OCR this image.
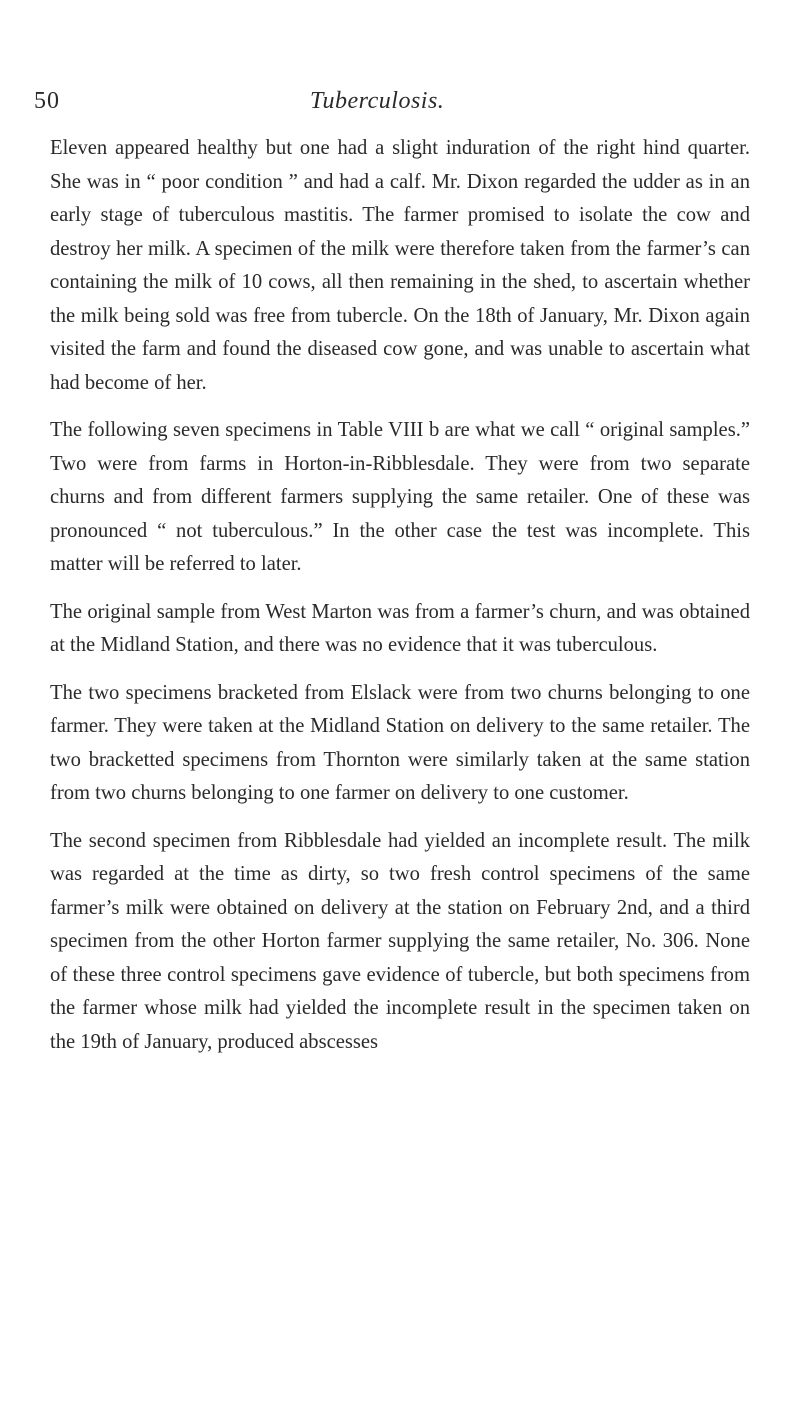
50	Tuberculosis.

Eleven appeared healthy but one had a slight induration of the right hind quarter. She was in “ poor condition ” and had a calf. Mr. Dixon regarded the udder as in an early stage of tuberculous mastitis. The farmer promised to isolate the cow and destroy her milk. A specimen of the milk were therefore taken from the farmer’s can containing the milk of 10 cows, all then remaining in the shed, to ascertain whether the milk being sold was free from tubercle. On the 18th of January, Mr. Dixon again visited the farm and found the diseased cow gone, and was unable to ascertain what had become of her.

The following seven specimens in Table VIII b are what we call “ original samples.” Two were from farms in Horton-in-Ribblesdale. They were from two separate churns and from different farmers supplying the same retailer. One of these was pronounced “ not tuberculous.” In the other case the test was incomplete. This matter will be referred to later.

The original sample from West Marton was from a farmer’s churn, and was obtained at the Midland Station, and there was no evidence that it was tuberculous.

The two specimens bracketed from Elslack were from two churns belonging to one farmer. They were taken at the Midland Station on delivery to the same retailer. The two bracketted specimens from Thornton were similarly taken at the same station from two churns belonging to one farmer on delivery to one customer.

The second specimen from Ribblesdale had yielded an incomplete result. The milk was regarded at the time as dirty, so two fresh control specimens of the same farmer’s milk were obtained on delivery at the station on February 2nd, and a third specimen from the other Horton farmer supplying the same retailer, No. 306. None of these three control specimens gave evidence of tubercle, but both specimens from the farmer whose milk had yielded the incomplete result in the specimen taken on the 19th of January, produced abscesses
